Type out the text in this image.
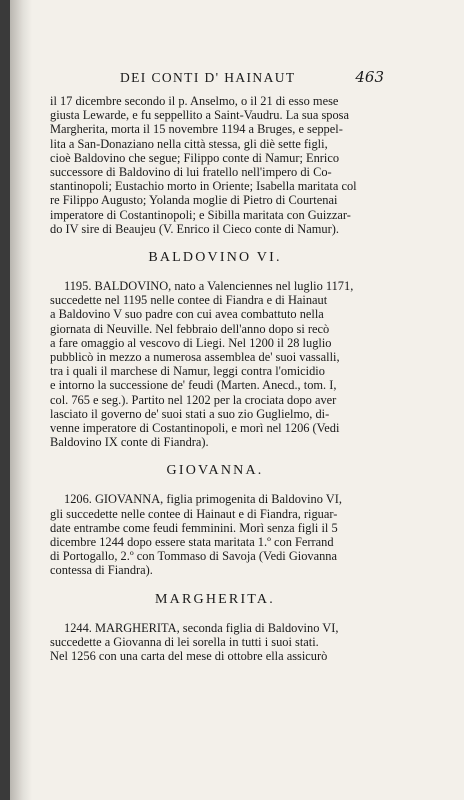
DEI CONTI D' HAINAUT	463

il 17 dicembre secondo il p. Anselmo, o il 21 di esso mese
giusta Lewarde, e fu seppellito a Saint-Vaudru. La sua sposa
Margherita, morta il 15 novembre 1194 a Bruges, e seppel-
lita a San-Donaziano nella città stessa, gli diè sette figli,
cioè Baldovino che segue; Filippo conte di Namur; Enrico
successore di Baldovino di lui fratello nell'impero di Co-
stantinopoli; Eustachio morto in Oriente; Isabella maritata col
re Filippo Augusto; Yolanda moglie di Pietro di Courtenai
imperatore di Costantinopoli; e Sibilla maritata con Guizzar-
do IV sire di Beaujeu (V. Enrico il Cieco conte di Namur).

BALDOVINO VI.

1195. BALDOVINO, nato a Valenciennes nel luglio 1171,
succedette nel 1195 nelle contee di Fiandra e di Hainaut
a Baldovino V suo padre con cui avea combattuto nella
giornata di Neuville. Nel febbraio dell'anno dopo si recò
a fare omaggio al vescovo di Liegi. Nel 1200 il 28 luglio
pubblicò in mezzo a numerosa assemblea de' suoi vassalli,
tra i quali il marchese di Namur, leggi contra l'omicidio
e intorno la successione de' feudi (Marten. Anecd., tom. I,
col. 765 e seg.). Partito nel 1202 per la crociata dopo aver
lasciato il governo de' suoi stati a suo zio Guglielmo, di-
venne imperatore di Costantinopoli, e morì nel 1206 (Vedi
Baldovino IX conte di Fiandra).

GIOVANNA.

1206. GIOVANNA, figlia primogenita di Baldovino VI,
gli succedette nelle contee di Hainaut e di Fiandra, riguar-
date entrambe come feudi femminini. Morì senza figli il 5
dicembre 1244 dopo essere stata maritata 1.º con Ferrand
di Portogallo, 2.º con Tommaso di Savoja (Vedi Giovanna
contessa di Fiandra).

MARGHERITA.

1244. MARGHERITA, seconda figlia di Baldovino VI,
succedette a Giovanna di lei sorella in tutti i suoi stati.
Nel 1256 con una carta del mese di ottobre ella assicurò
